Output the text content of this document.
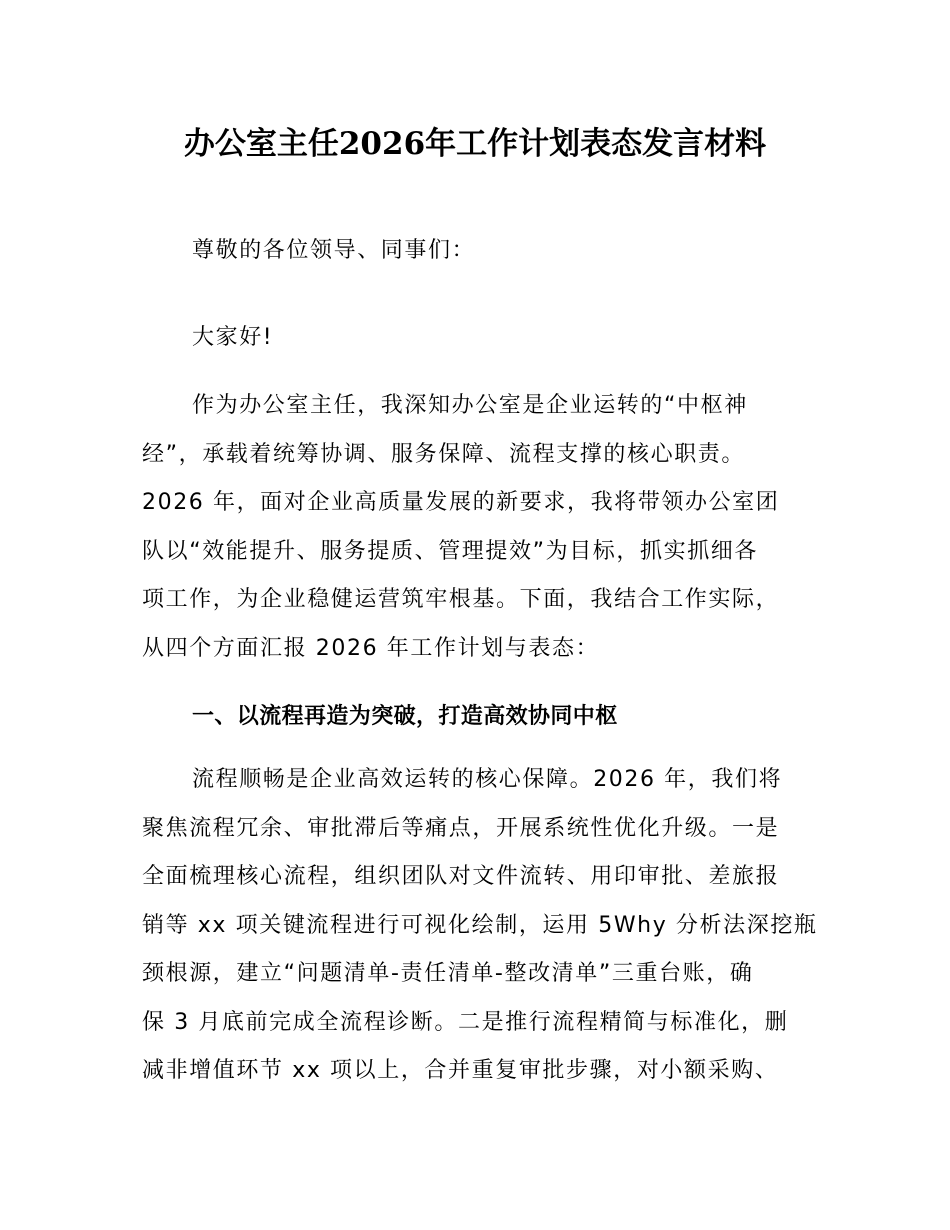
办公室主任2026年工作计划表态发言材料

尊敬的各位领导、同事们：

大家好!

作为办公室主任，我深知办公室是企业运转的“中枢神
经”，承载着统筹协调、服务保障、流程支撑的核心职责。
2026 年，面对企业高质量发展的新要求，我将带领办公室团
队以“效能提升、服务提质、管理提效”为目标，抓实抓细各
项工作，为企业稳健运营筑牢根基。下面，我结合工作实际，
从四个方面汇报 2026 年工作计划与表态：

一、以流程再造为突破，打造高效协同中枢

流程顺畅是企业高效运转的核心保障。2026 年，我们将
聚焦流程冗余、审批滞后等痛点，开展系统性优化升级。一是
全面梳理核心流程，组织团队对文件流转、用印审批、差旅报
销等 xx 项关键流程进行可视化绘制，运用 5Why 分析法深挖瓶
颈根源，建立“问题清单-责任清单-整改清单”三重台账，确
保 3 月底前完成全流程诊断。二是推行流程精简与标准化，删
减非增值环节 xx 项以上，合并重复审批步骤，对小额采购、
